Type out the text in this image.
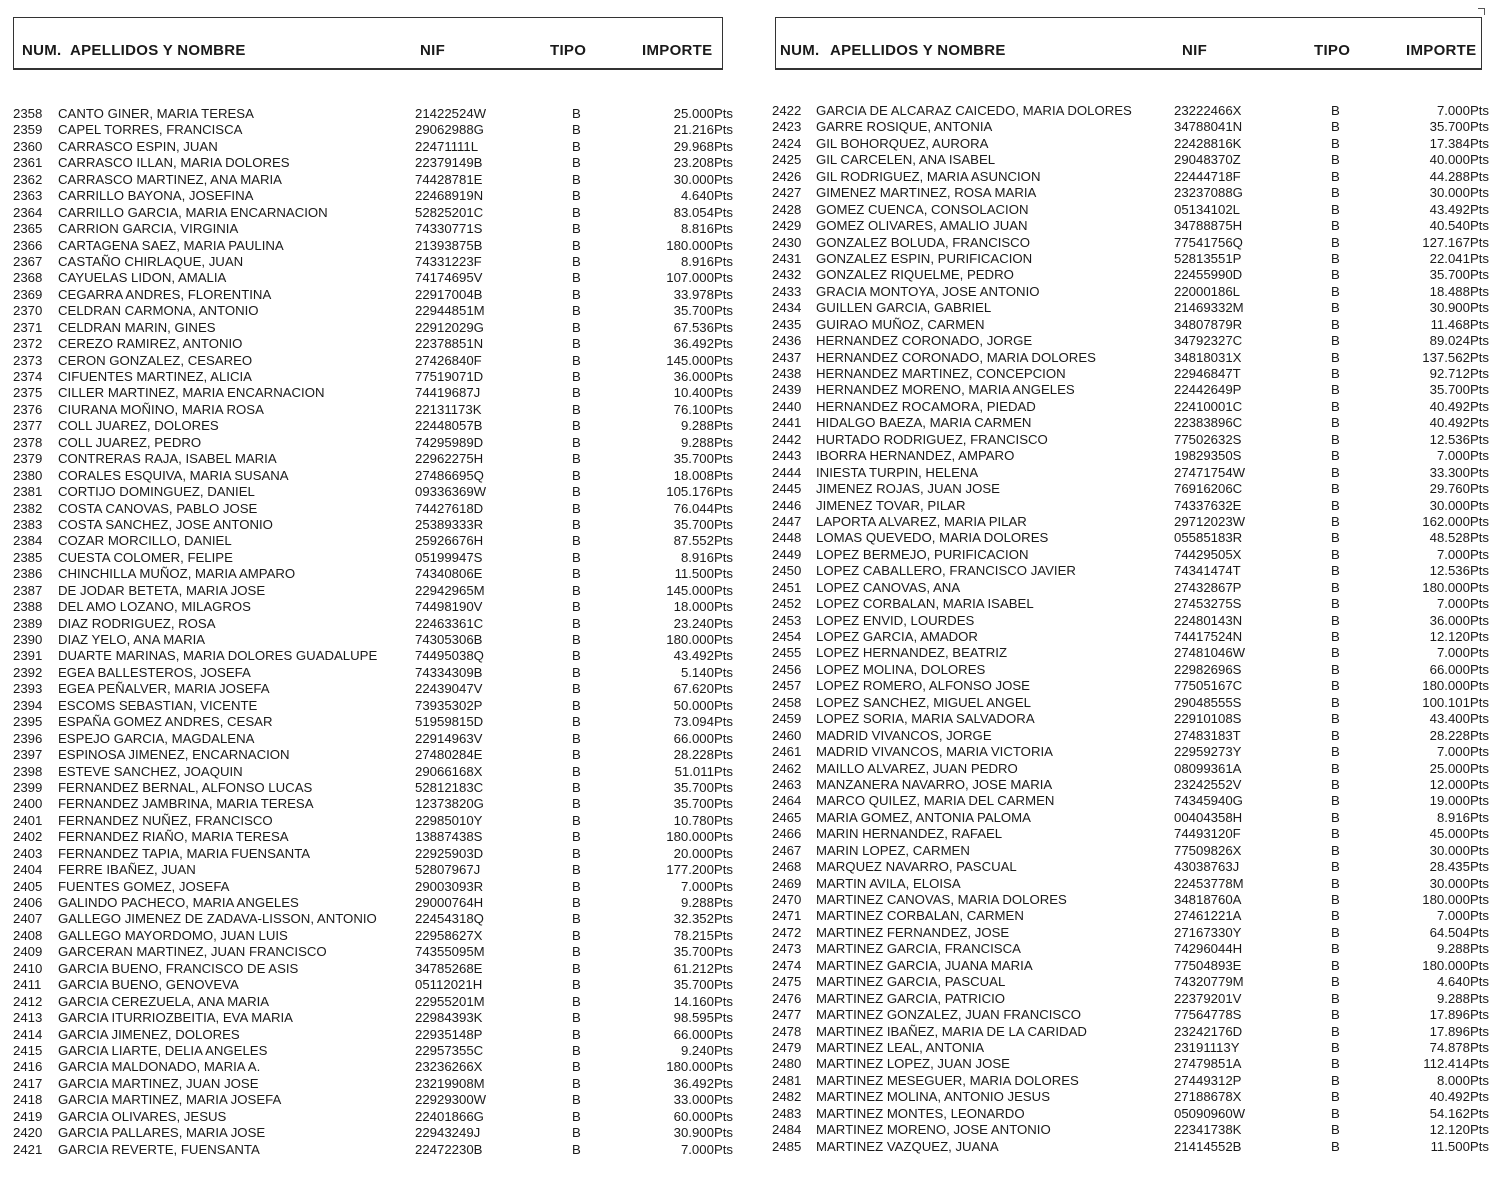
NUM. APELLIDOS Y NOMBRE	NIF	TIPO	IMPORTE
2358 CANTO GINER, MARIA TERESA	21422524W	B	25.000Pts
2359 CAPEL TORRES, FRANCISCA	29062988G	B	21.216Pts
2360 CARRASCO ESPIN, JUAN	22471111L	B	29.968Pts
2361 CARRASCO ILLAN, MARIA DOLORES	22379149B	B	23.208Pts
2362 CARRASCO MARTINEZ, ANA MARIA	74428781E	B	30.000Pts
2363 CARRILLO BAYONA, JOSEFINA	22468919N	B	4.640Pts
2364 CARRILLO GARCIA, MARIA ENCARNACION	52825201C	B	83.054Pts
2365 CARRION GARCIA, VIRGINIA	74330771S	B	8.816Pts
2366 CARTAGENA SAEZ, MARIA PAULINA	21393875B	B	180.000Pts
2367 CASTAÑO CHIRLAQUE, JUAN	74331223F	B	8.916Pts
2368 CAYUELAS LIDON, AMALIA	74174695V	B	107.000Pts
2369 CEGARRA ANDRES, FLORENTINA	22917004B	B	33.978Pts
2370 CELDRAN CARMONA, ANTONIO	22944851M	B	35.700Pts
2371 CELDRAN MARIN, GINES	22912029G	B	67.536Pts
2372 CEREZO RAMIREZ, ANTONIO	22378851N	B	36.492Pts
2373 CERON GONZALEZ, CESAREO	27426840F	B	145.000Pts
2374 CIFUENTES MARTINEZ, ALICIA	77519071D	B	36.000Pts
2375 CILLER MARTINEZ, MARIA ENCARNACION	74419687J	B	10.400Pts
2376 CIURANA MOÑINO, MARIA ROSA	22131173K	B	76.100Pts
2377 COLL JUAREZ, DOLORES	22448057B	B	9.288Pts
2378 COLL JUAREZ, PEDRO	74295989D	B	9.288Pts
2379 CONTRERAS RAJA, ISABEL MARIA	22962275H	B	35.700Pts
2380 CORALES ESQUIVA, MARIA SUSANA	27486695Q	B	18.008Pts
2381 CORTIJO DOMINGUEZ, DANIEL	09336369W	B	105.176Pts
2382 COSTA CANOVAS, PABLO JOSE	74427618D	B	76.044Pts
2383 COSTA SANCHEZ, JOSE ANTONIO	25389333R	B	35.700Pts
2384 COZAR MORCILLO, DANIEL	25926676H	B	87.552Pts
2385 CUESTA COLOMER, FELIPE	05199947S	B	8.916Pts
2386 CHINCHILLA MUÑOZ, MARIA AMPARO	74340806E	B	11.500Pts
2387 DE JODAR BETETA, MARIA JOSE	22942965M	B	145.000Pts
2388 DEL AMO LOZANO, MILAGROS	74498190V	B	18.000Pts
2389 DIAZ RODRIGUEZ, ROSA	22463361C	B	23.240Pts
2390 DIAZ YELO, ANA MARIA	74305306B	B	180.000Pts
2391 DUARTE MARINAS, MARIA DOLORES GUADALUPE	74495038Q	B	43.492Pts
2392 EGEA BALLESTEROS, JOSEFA	74334309B	B	5.140Pts
2393 EGEA PEÑALVER, MARIA JOSEFA	22439047V	B	67.620Pts
2394 ESCOMS SEBASTIAN, VICENTE	73935302P	B	50.000Pts
2395 ESPAÑA GOMEZ ANDRES, CESAR	51959815D	B	73.094Pts
2396 ESPEJO GARCIA, MAGDALENA	22914963V	B	66.000Pts
2397 ESPINOSA JIMENEZ, ENCARNACION	27480284E	B	28.228Pts
2398 ESTEVE SANCHEZ, JOAQUIN	29066168X	B	51.011Pts
2399 FERNANDEZ BERNAL, ALFONSO LUCAS	52812183C	B	35.700Pts
2400 FERNANDEZ JAMBRINA, MARIA TERESA	12373820G	B	35.700Pts
2401 FERNANDEZ NUÑEZ, FRANCISCO	22985010Y	B	10.780Pts
2402 FERNANDEZ RIAÑO, MARIA TERESA	13887438S	B	180.000Pts
2403 FERNANDEZ TAPIA, MARIA FUENSANTA	22925903D	B	20.000Pts
2404 FERRE IBAÑEZ, JUAN	52807967J	B	177.200Pts
2405 FUENTES GOMEZ, JOSEFA	29003093R	B	7.000Pts
2406 GALINDO PACHECO, MARIA ANGELES	29000764H	B	9.288Pts
2407 GALLEGO JIMENEZ DE ZADAVA-LISSON, ANTONIO	22454318Q	B	32.352Pts
2408 GALLEGO MAYORDOMO, JUAN LUIS	22958627X	B	78.215Pts
2409 GARCERAN MARTINEZ, JUAN FRANCISCO	74355095M	B	35.700Pts
2410 GARCIA BUENO, FRANCISCO DE ASIS	34785268E	B	61.212Pts
2411 GARCIA BUENO, GENOVEVA	05112021H	B	35.700Pts
2412 GARCIA CEREZUELA, ANA MARIA	22955201M	B	14.160Pts
2413 GARCIA ITURRIOZBEITIA, EVA MARIA	22984393K	B	98.595Pts
2414 GARCIA JIMENEZ, DOLORES	22935148P	B	66.000Pts
2415 GARCIA LIARTE, DELIA ANGELES	22957355C	B	9.240Pts
2416 GARCIA MALDONADO, MARIA A.	23236266X	B	180.000Pts
2417 GARCIA MARTINEZ, JUAN JOSE	23219908M	B	36.492Pts
2418 GARCIA MARTINEZ, MARIA JOSEFA	22929300W	B	33.000Pts
2419 GARCIA OLIVARES, JESUS	22401866G	B	60.000Pts
2420 GARCIA PALLARES, MARIA JOSE	22943249J	B	30.900Pts
2421 GARCIA REVERTE, FUENSANTA	22472230B	B	7.000Pts
NUM. APELLIDOS Y NOMBRE	NIF	TIPO	IMPORTE
2422 GARCIA DE ALCARAZ CAICEDO, MARIA DOLORES	23222466X	B	7.000Pts
2423 GARRE ROSIQUE, ANTONIA	34788041N	B	35.700Pts
2424 GIL BOHORQUEZ, AURORA	22428816K	B	17.384Pts
2425 GIL CARCELEN, ANA ISABEL	29048370Z	B	40.000Pts
2426 GIL RODRIGUEZ, MARIA ASUNCION	22444718F	B	44.288Pts
2427 GIMENEZ MARTINEZ, ROSA MARIA	23237088G	B	30.000Pts
2428 GOMEZ CUENCA, CONSOLACION	05134102L	B	43.492Pts
2429 GOMEZ OLIVARES, AMALIO JUAN	34788875H	B	40.540Pts
2430 GONZALEZ BOLUDA, FRANCISCO	77541756Q	B	127.167Pts
2431 GONZALEZ ESPIN, PURIFICACION	52813551P	B	22.041Pts
2432 GONZALEZ RIQUELME, PEDRO	22455990D	B	35.700Pts
2433 GRACIA MONTOYA, JOSE ANTONIO	22000186L	B	18.488Pts
2434 GUILLEN GARCIA, GABRIEL	21469332M	B	30.900Pts
2435 GUIRAO MUÑOZ, CARMEN	34807879R	B	11.468Pts
2436 HERNANDEZ CORONADO, JORGE	34792327C	B	89.024Pts
2437 HERNANDEZ CORONADO, MARIA DOLORES	34818031X	B	137.562Pts
2438 HERNANDEZ MARTINEZ, CONCEPCION	22946847T	B	92.712Pts
2439 HERNANDEZ MORENO, MARIA ANGELES	22442649P	B	35.700Pts
2440 HERNANDEZ ROCAMORA, PIEDAD	22410001C	B	40.492Pts
2441 HIDALGO BAEZA, MARIA CARMEN	22383896C	B	40.492Pts
2442 HURTADO RODRIGUEZ, FRANCISCO	77502632S	B	12.536Pts
2443 IBORRA HERNANDEZ, AMPARO	19829350S	B	7.000Pts
2444 INIESTA TURPIN, HELENA	27471754W	B	33.300Pts
2445 JIMENEZ ROJAS, JUAN JOSE	76916206C	B	29.760Pts
2446 JIMENEZ TOVAR, PILAR	74337632E	B	30.000Pts
2447 LAPORTA ALVAREZ, MARIA PILAR	29712023W	B	162.000Pts
2448 LOMAS QUEVEDO, MARIA DOLORES	05585183R	B	48.528Pts
2449 LOPEZ BERMEJO, PURIFICACION	74429505X	B	7.000Pts
2450 LOPEZ CABALLERO, FRANCISCO JAVIER	74341474T	B	12.536Pts
2451 LOPEZ CANOVAS, ANA	27432867P	B	180.000Pts
2452 LOPEZ CORBALAN, MARIA ISABEL	27453275S	B	7.000Pts
2453 LOPEZ ENVID, LOURDES	22480143N	B	36.000Pts
2454 LOPEZ GARCIA, AMADOR	74417524N	B	12.120Pts
2455 LOPEZ HERNANDEZ, BEATRIZ	27481046W	B	7.000Pts
2456 LOPEZ MOLINA, DOLORES	22982696S	B	66.000Pts
2457 LOPEZ ROMERO, ALFONSO JOSE	77505167C	B	180.000Pts
2458 LOPEZ SANCHEZ, MIGUEL ANGEL	29048555S	B	100.101Pts
2459 LOPEZ SORIA, MARIA SALVADORA	22910108S	B	43.400Pts
2460 MADRID VIVANCOS, JORGE	27483183T	B	28.228Pts
2461 MADRID VIVANCOS, MARIA VICTORIA	22959273Y	B	7.000Pts
2462 MAILLO ALVAREZ, JUAN PEDRO	08099361A	B	25.000Pts
2463 MANZANERA NAVARRO, JOSE MARIA	23242552V	B	12.000Pts
2464 MARCO QUILEZ, MARIA DEL CARMEN	74345940G	B	19.000Pts
2465 MARIA GOMEZ, ANTONIA PALOMA	00404358H	B	8.916Pts
2466 MARIN HERNANDEZ, RAFAEL	74493120F	B	45.000Pts
2467 MARIN LOPEZ, CARMEN	77509826X	B	30.000Pts
2468 MARQUEZ NAVARRO, PASCUAL	43038763J	B	28.435Pts
2469 MARTIN AVILA, ELOISA	22453778M	B	30.000Pts
2470 MARTINEZ CANOVAS, MARIA DOLORES	34818760A	B	180.000Pts
2471 MARTINEZ CORBALAN, CARMEN	27461221A	B	7.000Pts
2472 MARTINEZ FERNANDEZ, JOSE	27167330Y	B	64.504Pts
2473 MARTINEZ GARCIA, FRANCISCA	74296044H	B	9.288Pts
2474 MARTINEZ GARCIA, JUANA MARIA	77504893E	B	180.000Pts
2475 MARTINEZ GARCIA, PASCUAL	74320779M	B	4.640Pts
2476 MARTINEZ GARCIA, PATRICIO	22379201V	B	9.288Pts
2477 MARTINEZ GONZALEZ, JUAN FRANCISCO	77564778S	B	17.896Pts
2478 MARTINEZ IBAÑEZ, MARIA DE LA CARIDAD	23242176D	B	17.896Pts
2479 MARTINEZ LEAL, ANTONIA	23191113Y	B	74.878Pts
2480 MARTINEZ LOPEZ, JUAN JOSE	27479851A	B	112.414Pts
2481 MARTINEZ MESEGUER, MARIA DOLORES	27449312P	B	8.000Pts
2482 MARTINEZ MOLINA, ANTONIO JESUS	27188678X	B	40.492Pts
2483 MARTINEZ MONTES, LEONARDO	05090960W	B	54.162Pts
2484 MARTINEZ MORENO, JOSE ANTONIO	22341738K	B	12.120Pts
2485 MARTINEZ VAZQUEZ, JUANA	21414552B	B	11.500Pts
